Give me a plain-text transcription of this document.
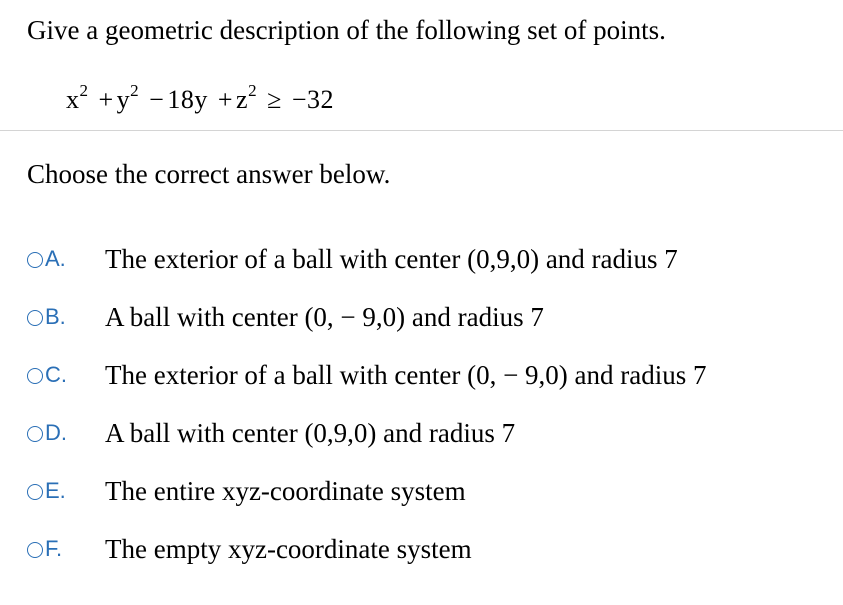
Give a geometric description of the following set of points.
$x^2 + y^2 - 18y + z^2 \ge -32$
Choose the correct answer below.
A.	The exterior of a ball with center (0,9,0) and radius 7
B.	A ball with center (0, − 9,0) and radius 7
C.	The exterior of a ball with center (0, − 9,0) and radius 7
D.	A ball with center (0,9,0) and radius 7
E.	The entire xyz-coordinate system
F.	The empty xyz-coordinate system
